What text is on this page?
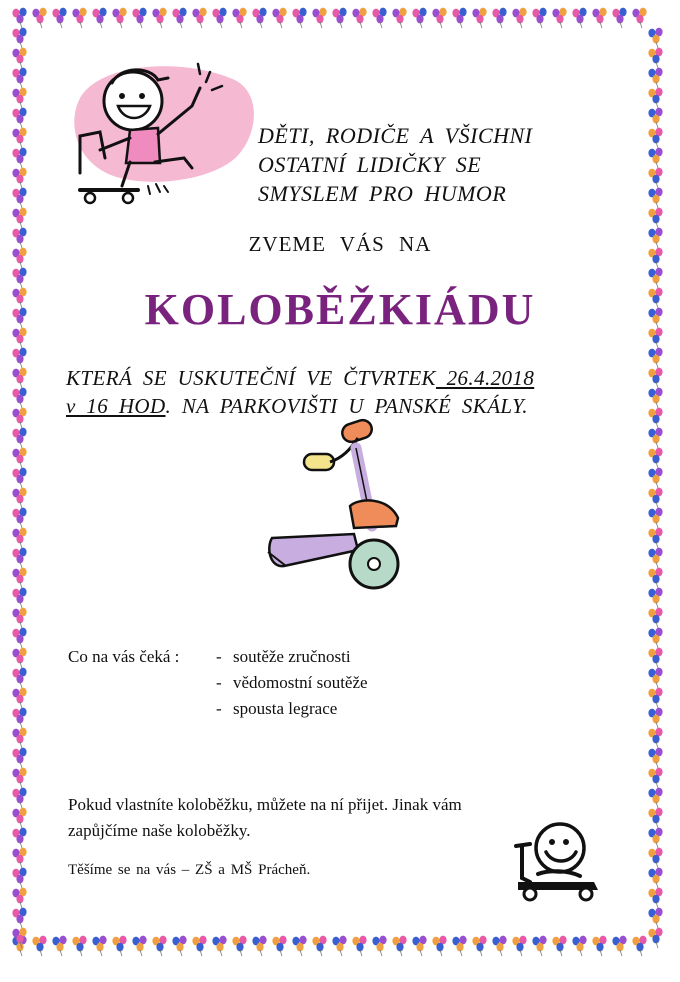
DĚTI, RODIČE A VŠICHNI
OSTATNÍ LIDIČKY SE
SMYSLEM PRO HUMOR
ZVEME VÁS NA
KOLOBĚŽKIÁDU
KTERÁ SE USKUTEČNÍ VE ČTVRTEK 26.4.2018
v 16 HOD. NA PARKOVIŠTI U PANSKÉ SKÁLY.
Co na vás čeká : - soutěže zručnosti
- vědomostní soutěže
- spousta legrace
Pokud vlastníte koloběžku, můžete na ní přijet. Jinak vám
zapůjčíme naše koloběžky.
Těšíme se na vás – ZŠ a MŠ Prácheň.
